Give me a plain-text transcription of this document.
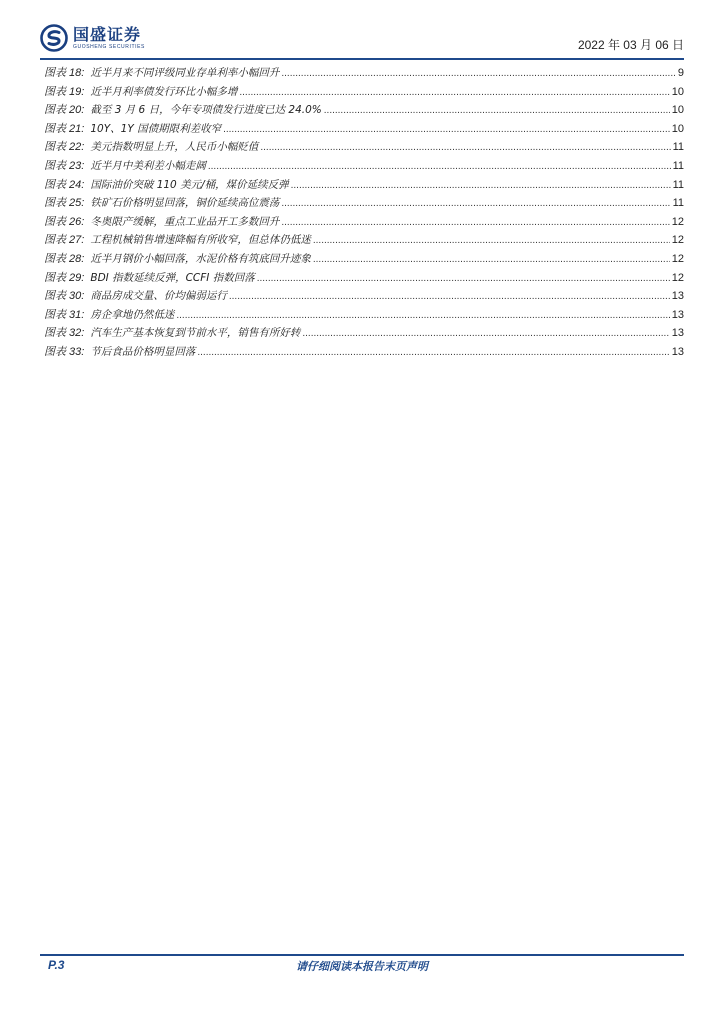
国盛证券
GUOSHENG SECURITIES	2022 年 03 月 06 日
图表 18: 近半月来不同评级同业存单利率小幅回升 .....	9
图表 19: 近半月利率债发行环比小幅多增 .....	10
图表 20: 截至 3 月 6 日，今年专项债发行进度已达 24.0% .....	10
图表 21: 10Y、1Y 国债期限利差收窄 .....	10
图表 22: 美元指数明显上升，人民币小幅贬值 .....	11
图表 23: 近半月中美利差小幅走阔 .....	11
图表 24: 国际油价突破 110 美元/桶，煤价延续反弹 .....	11
图表 25: 铁矿石价格明显回落，铜价延续高位震荡 .....	11
图表 26: 冬奥限产缓解，重点工业品开工多数回升 .....	12
图表 27: 工程机械销售增速降幅有所收窄，但总体仍低迷 .....	12
图表 28: 近半月钢价小幅回落，水泥价格有筑底回升迹象 .....	12
图表 29: BDI 指数延续反弹，CCFI 指数回落 .....	12
图表 30: 商品房成交量、价均偏弱运行 .....	13
图表 31: 房企拿地仍然低迷 .....	13
图表 32: 汽车生产基本恢复到节前水平，销售有所好转 .....	13
图表 33: 节后食品价格明显回落 .....	13
P.3	请仔细阅读本报告末页声明
